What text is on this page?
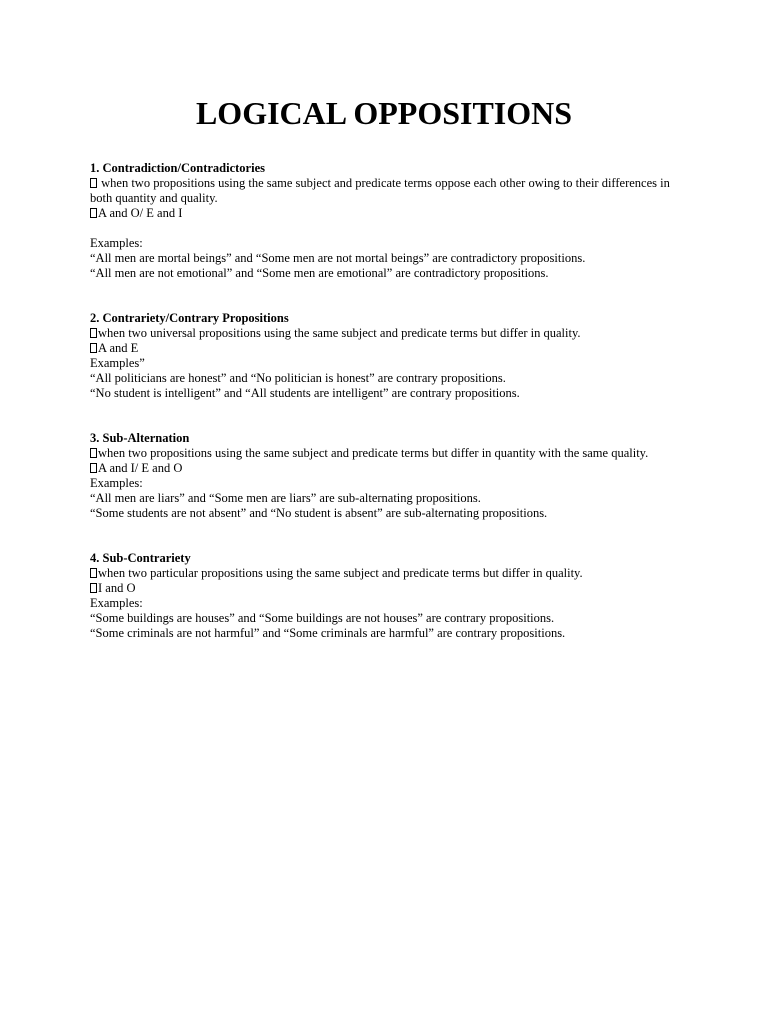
LOGICAL OPPOSITIONS

1. Contradiction/Contradictories

when two propositions using the same subject and predicate terms oppose each other owing to their differences in both quantity and quality.

A and O/ E and I

Examples:

“All men are mortal beings” and “Some men are not mortal beings” are contradictory propositions.

“All men are not emotional” and “Some men are emotional” are contradictory propositions.

2. Contrariety/Contrary Propositions

when two universal propositions using the same subject and predicate terms but differ in quality.

A and E

Examples”

“All politicians are honest” and “No politician is honest” are contrary propositions.

“No student is intelligent” and “All students are intelligent” are contrary propositions.

3. Sub-Alternation

when two propositions using the same subject and predicate terms but differ in quantity with the same quality.

A and I/ E and O

Examples:

“All men are liars” and “Some men are liars” are sub-alternating propositions.

“Some students are not absent” and “No student is absent” are sub-alternating propositions.

4. Sub-Contrariety

when two particular propositions using the same subject and predicate terms but differ in quality.

I and O

Examples:

“Some buildings are houses” and “Some buildings are not houses” are contrary propositions.

“Some criminals are not harmful” and “Some criminals are harmful” are contrary propositions.
